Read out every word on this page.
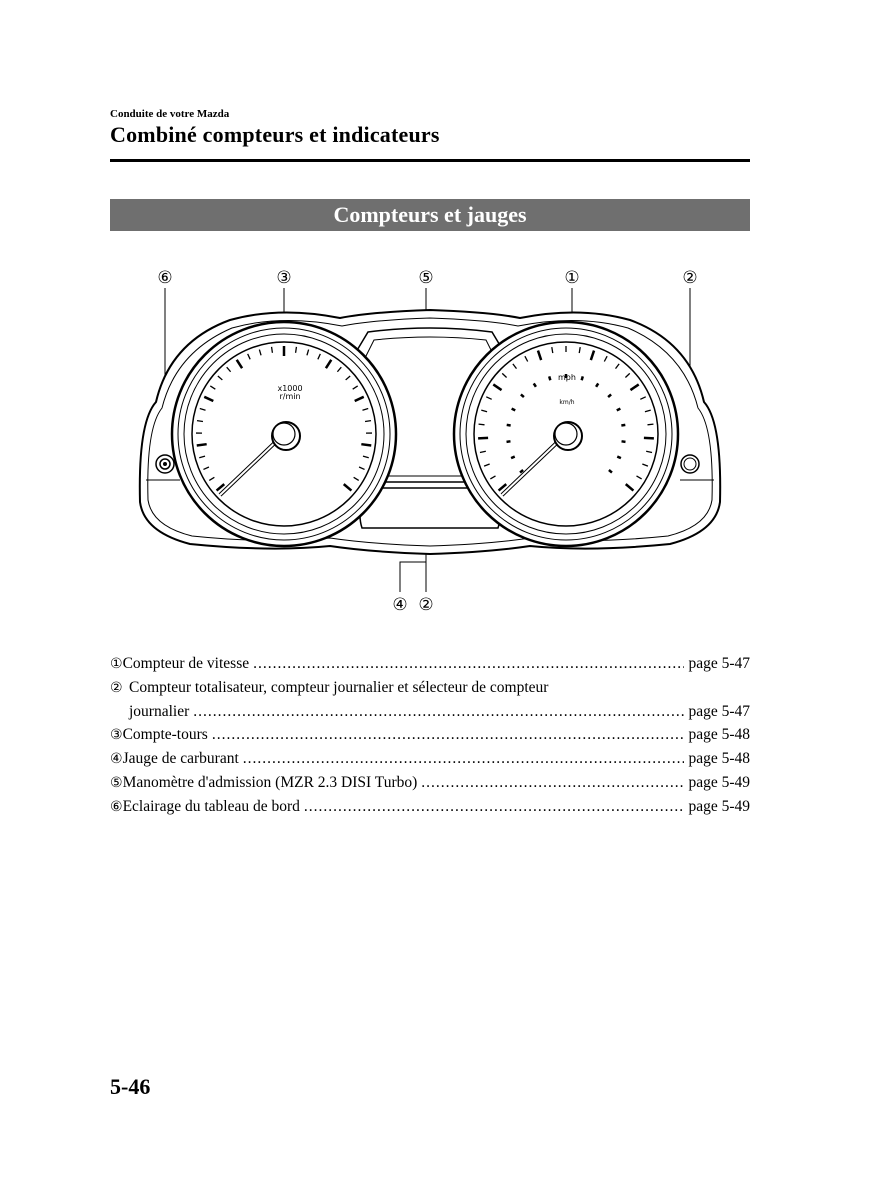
Conduite de votre Mazda
Combiné compteurs et indicateurs
Compteurs et jauges
⑥	③	⑤	①	②
x1000
r/min
mph
km/h
④ ②
① Compteur de vitesse .....	page 5-47
② Compteur totalisateur, compteur journalier et sélecteur de compteur
journalier .....	page 5-47
③ Compte-tours .....	page 5-48
④ Jauge de carburant .....	page 5-48
⑤ Manomètre d'admission (MZR 2.3 DISI Turbo) .....	page 5-49
⑥ Eclairage du tableau de bord .....	page 5-49
5-46
